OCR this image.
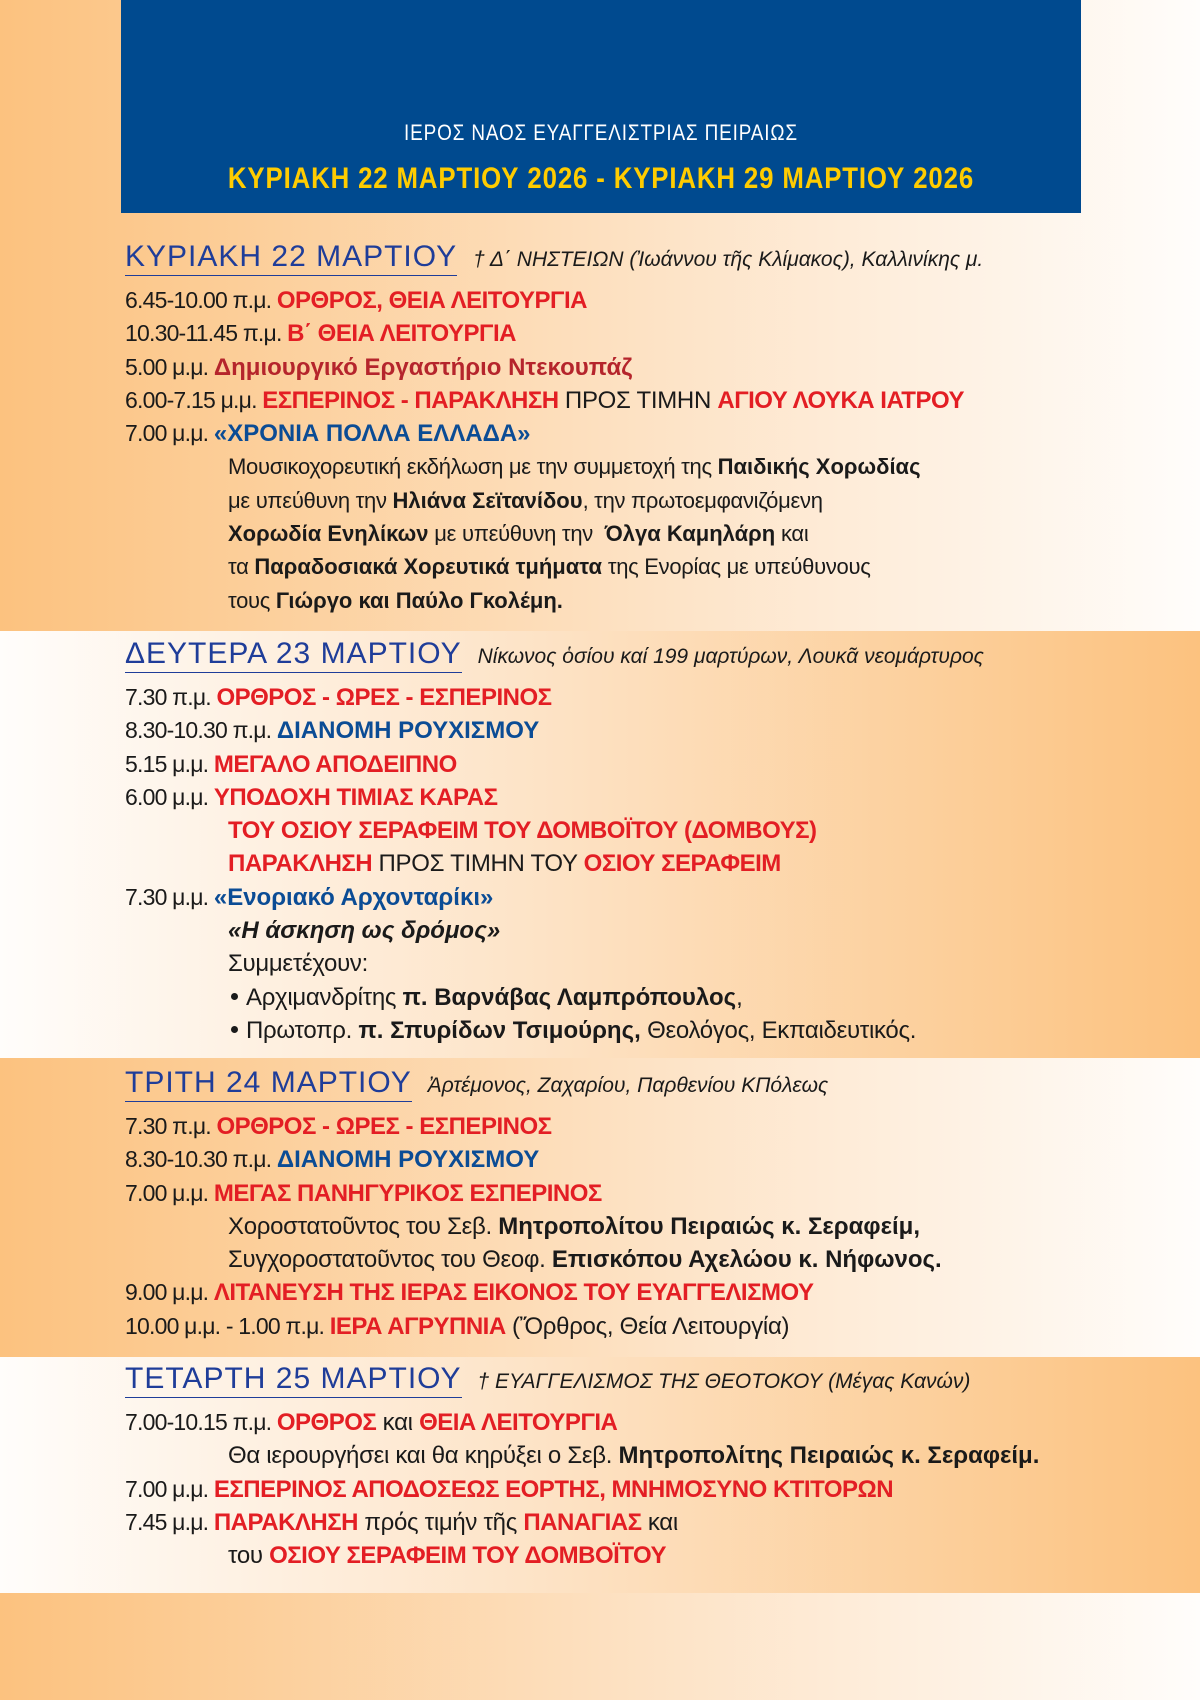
ΙΕΡΟΣ ΝΑΟΣ ΕΥΑΓΓΕΛΙΣΤΡΙΑΣ ΠΕΙΡΑΙΩΣ
ΚΥΡΙΑΚΗ 22 ΜΑΡΤΙΟΥ 2026 - ΚΥΡΙΑΚΗ 29 ΜΑΡΤΙΟΥ 2026
ΚΥΡΙΑΚΗ 22 ΜΑΡΤΙΟΥ † Δ΄ ΝΗΣΤΕΙΩΝ (Ἰωάννου τῆς Κλίμακος), Καλλινίκης μ.
6.45-10.00 π.μ. ΟΡΘΡΟΣ, ΘΕΙΑ ΛΕΙΤΟΥΡΓΙΑ
10.30-11.45 π.μ. Β΄ ΘΕΙΑ ΛΕΙΤΟΥΡΓΙΑ
5.00 μ.μ. Δημιουργικό Εργαστήριο Ντεκουπάζ
6.00-7.15 μ.μ. ΕΣΠΕΡΙΝΟΣ - ΠΑΡΑΚΛΗΣΗ ΠΡΟΣ ΤΙΜΗΝ ΑΓΙΟΥ ΛΟΥΚΑ ΙΑΤΡΟΥ
7.00 μ.μ. «ΧΡΟΝΙΑ ΠΟΛΛΑ ΕΛΛΑΔΑ»
Μουσικοχορευτική εκδήλωση με την συμμετοχή της Παιδικής Χορωδίας
με υπεύθυνη την Ηλιάνα Σεϊτανίδου, την πρωτοεμφανιζόμενη
Χορωδία Ενηλίκων με υπεύθυνη την  Όλγα Καμηλάρη και
τα Παραδοσιακά Χορευτικά τμήματα της Ενορίας με υπεύθυνους
τους Γιώργο και Παύλο Γκολέμη.
ΔΕΥΤΕΡΑ 23 ΜΑΡΤΙΟΥ Νίκωνος ὁσίου καί 199 μαρτύρων, Λουκᾶ νεομάρτυρος
7.30 π.μ. ΟΡΘΡΟΣ - ΩΡΕΣ - ΕΣΠΕΡΙΝΟΣ
8.30-10.30 π.μ. ΔΙΑΝΟΜΗ ΡΟΥΧΙΣΜΟΥ
5.15 μ.μ. ΜΕΓΑΛΟ ΑΠΟΔΕΙΠΝΟ
6.00 μ.μ. ΥΠΟΔΟΧΗ ΤΙΜΙΑΣ ΚΑΡΑΣ
ΤΟΥ ΟΣΙΟΥ ΣΕΡΑΦΕΙΜ ΤΟΥ ΔΟΜΒΟΪΤΟΥ (ΔΟΜΒΟΥΣ)
ΠΑΡΑΚΛΗΣΗ ΠΡΟΣ ΤΙΜΗΝ ΤΟΥ ΟΣΙΟΥ ΣΕΡΑΦΕΙΜ
7.30 μ.μ. «Ενοριακό Αρχονταρίκι»
«Η άσκηση ως δρόμος»
Συμμετέχουν:
Αρχιμανδρίτης π. Βαρνάβας Λαμπρόπουλος,
Πρωτοπρ. π. Σπυρίδων Τσιμούρης, Θεολόγος, Εκπαιδευτικός.
ΤΡΙΤΗ 24 ΜΑΡΤΙΟΥ Ἀρτέμονος, Ζαχαρίου, Παρθενίου ΚΠόλεως
7.30 π.μ. ΟΡΘΡΟΣ - ΩΡΕΣ - ΕΣΠΕΡΙΝΟΣ
8.30-10.30 π.μ. ΔΙΑΝΟΜΗ ΡΟΥΧΙΣΜΟΥ
7.00 μ.μ. ΜΕΓΑΣ ΠΑΝΗΓΥΡΙΚΟΣ ΕΣΠΕΡΙΝΟΣ
Χοροστατοῦντος του Σεβ. Μητροπολίτου Πειραιώς κ. Σεραφείμ,
Συγχοροστατοῦντος του Θεοφ. Επισκόπου Αχελώου κ. Νήφωνος.
9.00 μ.μ. ΛΙΤΑΝΕΥΣΗ ΤΗΣ ΙΕΡΑΣ ΕΙΚΟΝΟΣ ΤΟΥ ΕΥΑΓΓΕΛΙΣΜΟΥ
10.00 μ.μ. - 1.00 π.μ. ΙΕΡΑ ΑΓΡΥΠΝΙΑ (Ὄρθρος, Θεία Λειτουργία)
ΤΕΤΑΡΤΗ 25 ΜΑΡΤΙΟΥ † ΕΥΑΓΓΕΛΙΣΜΟΣ ΤΗΣ ΘΕΟΤΟΚΟΥ (Μέγας Κανών)
7.00-10.15 π.μ. ΟΡΘΡΟΣ και ΘΕΙΑ ΛΕΙΤΟΥΡΓΙΑ
Θα ιερουργήσει και θα κηρύξει ο Σεβ. Μητροπολίτης Πειραιώς κ. Σεραφείμ.
7.00 μ.μ. ΕΣΠΕΡΙΝΟΣ ΑΠΟΔΟΣΕΩΣ ΕΟΡΤΗΣ, ΜΝΗΜΟΣΥΝΟ ΚΤΙΤΟΡΩΝ
7.45 μ.μ. ΠΑΡΑΚΛΗΣΗ πρός τιμήν τῆς ΠΑΝΑΓΙΑΣ και
του ΟΣΙΟΥ ΣΕΡΑΦΕΙΜ ΤΟΥ ΔΟΜΒΟΪΤΟΥ
